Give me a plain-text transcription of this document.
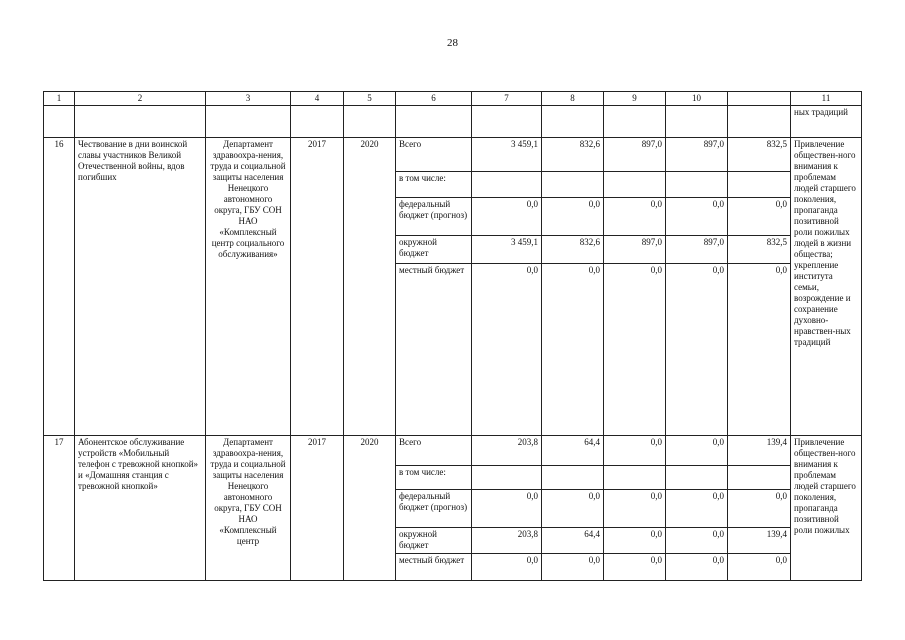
28
1	2	3	4	5	6	7	8	9	10		11
											ных традиций
16	Чествование в дни воинской славы участников Великой Отечественной войны, вдов погибших	Департамент здравоохра-нения, труда и социальной защиты населения Ненецкого автономного округа, ГБУ СОН НАО «Комплексный центр социального обслуживания»	2017	2020	Всего	3 459,1	832,6	897,0	897,0	832,5	Привлечение обществен-ного внимания к проблемам людей старшего поколения, пропаганда позитивной роли пожилых людей в жизни общества; укрепление института семьи, возрождение и сохранение духовно-нравствен-ных традиций
					в том числе:						
					федеральный бюджет (прогноз)	0,0	0,0	0,0	0,0	0,0	
					окружной бюджет	3 459,1	832,6	897,0	897,0	832,5	
					местный бюджет	0,0	0,0	0,0	0,0	0,0	
17	Абонентское обслуживание устройств «Мобильный телефон с тревожной кнопкой» и «Домашняя станция с тревожной кнопкой»	Департамент здравоохра-нения, труда и социальной защиты населения Ненецкого автономного округа, ГБУ СОН НАО «Комплексный центр	2017	2020	Всего	203,8	64,4	0,0	0,0	139,4	Привлечение обществен-ного внимания к проблемам людей старшего поколения, пропаганда позитивной роли пожилых
					в том числе:						
					федеральный бюджет (прогноз)	0,0	0,0	0,0	0,0	0,0	
					окружной бюджет	203,8	64,4	0,0	0,0	139,4	
					местный бюджет	0,0	0,0	0,0	0,0	0,0	
